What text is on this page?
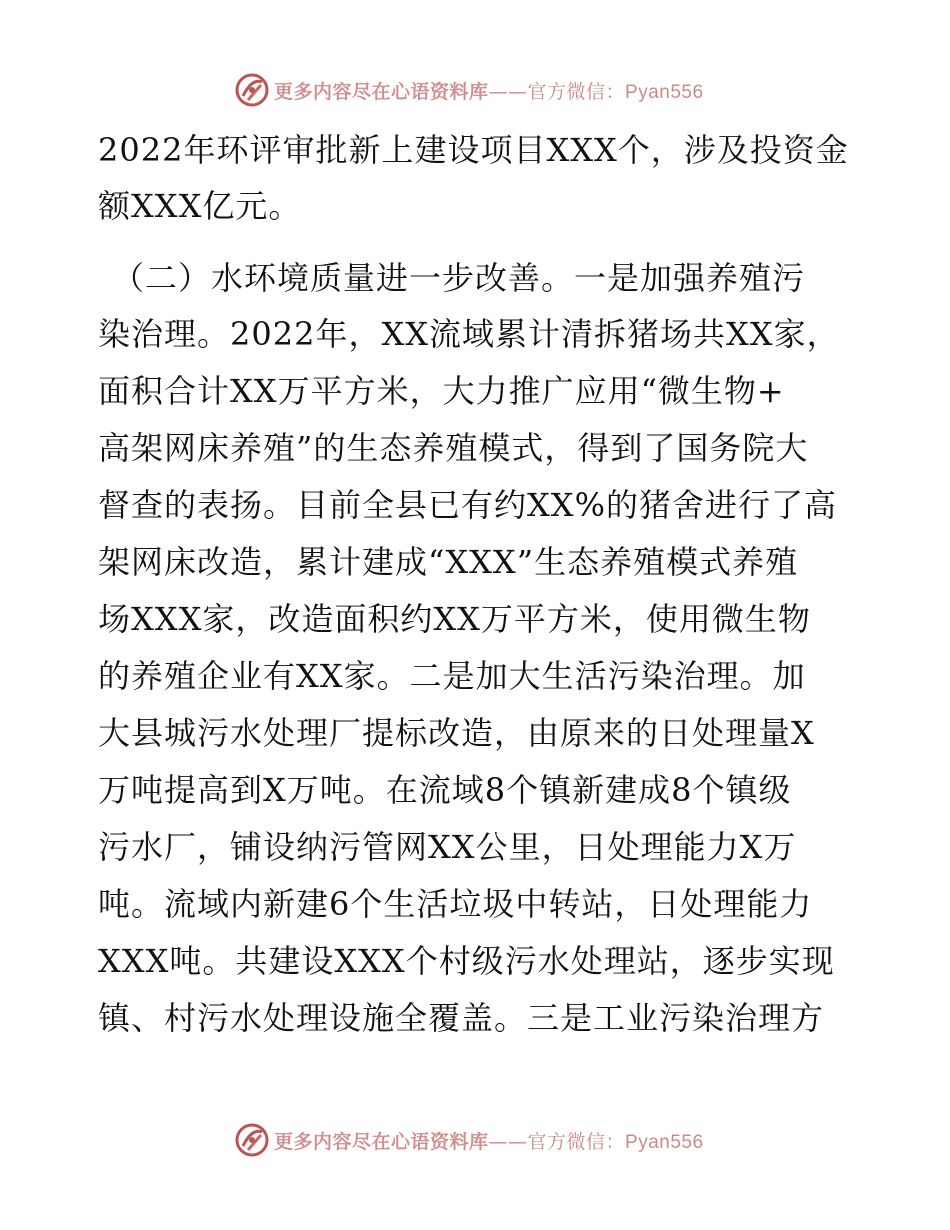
更多内容尽在心语资料库——官方微信：Pyan556
2022年环评审批新上建设项目XXX个，涉及投资金
额XXX亿元。
（二）水环境质量进一步改善。一是加强养殖污
染治理。2022年，XX流域累计清拆猪场共XX家，
面积合计XX万平方米，大力推广应用“微生物+
高架网床养殖”的生态养殖模式，得到了国务院大
督查的表扬。目前全县已有约XX%的猪舍进行了高
架网床改造，累计建成“XXX”生态养殖模式养殖
场XXX家，改造面积约XX万平方米，使用微生物
的养殖企业有XX家。二是加大生活污染治理。加
大县城污水处理厂提标改造，由原来的日处理量X
万吨提高到X万吨。在流域8个镇新建成8个镇级
污水厂，铺设纳污管网XX公里，日处理能力X万
吨。流域内新建6个生活垃圾中转站，日处理能力
XXX吨。共建设XXX个村级污水处理站，逐步实现
镇、村污水处理设施全覆盖。三是工业污染治理方
更多内容尽在心语资料库——官方微信：Pyan556
